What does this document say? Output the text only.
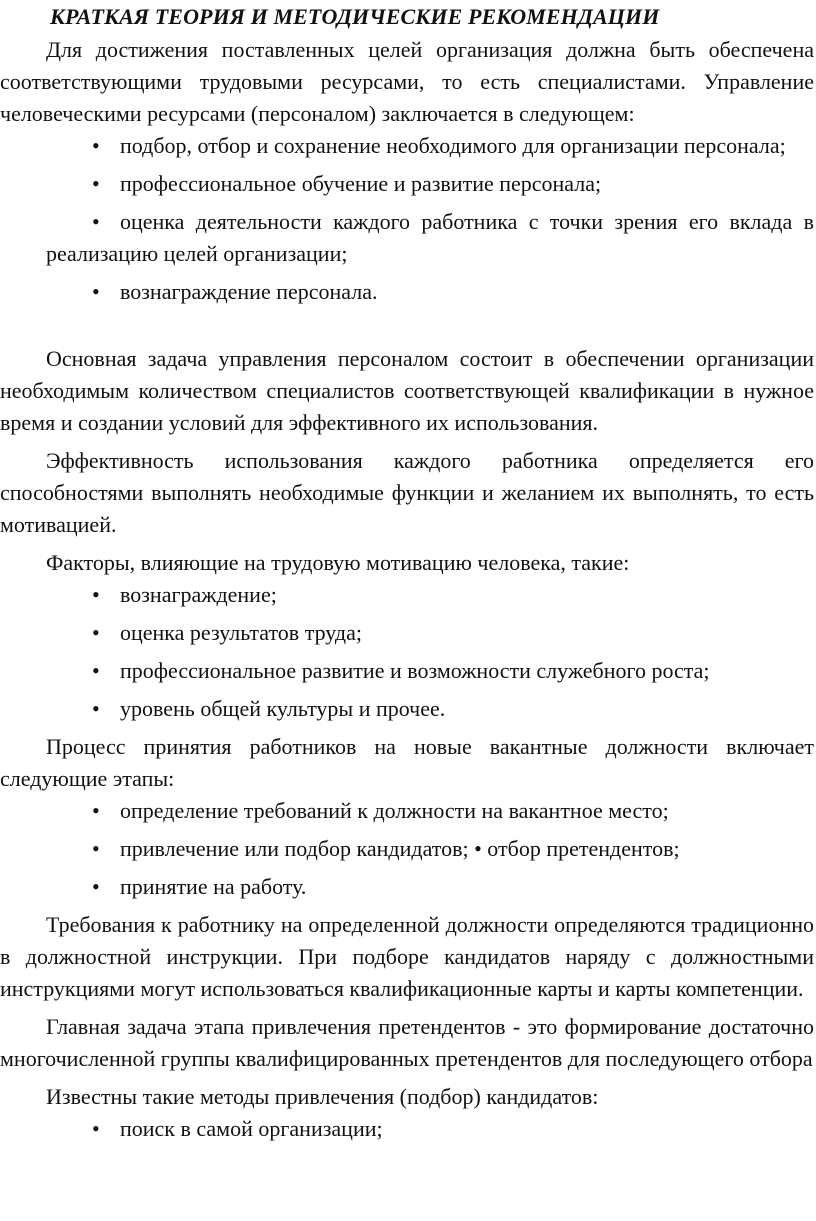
КРАТКАЯ ТЕОРИЯ И МЕТОДИЧЕСКИЕ РЕКОМЕНДАЦИИ

Для достижения поставленных целей организация должна быть обеспечена соответствующими трудовыми ресурсами, то есть специалистами. Управление человеческими ресурсами (персоналом) заключается в следующем:

• подбор, отбор и сохранение необходимого для организации персонала;
• профессиональное обучение и развитие персонала;
• оценка деятельности каждого работника с точки зрения его вклада в реализацию целей организации;
• вознаграждение персонала.

Основная задача управления персоналом состоит в обеспечении организации необходимым количеством специалистов соответствующей квалификации в нужное время и создании условий для эффективного их использования.

Эффективность использования каждого работника определяется его способностями выполнять необходимые функции и желанием их выполнять, то есть мотивацией.

Факторы, влияющие на трудовую мотивацию человека, такие:

• вознаграждение;
• оценка результатов труда;
• профессиональное развитие и возможности служебного роста;
• уровень общей культуры и прочее.

Процесс принятия работников на новые вакантные должности включает следующие этапы:

• определение требований к должности на вакантное место;
• привлечение или подбор кандидатов; • отбор претендентов;
• принятие на работу.

Требования к работнику на определенной должности определяются традиционно в должностной инструкции. При подборе кандидатов наряду с должностными инструкциями могут использоваться квалификационные карты и карты компетенции.

Главная задача этапа привлечения претендентов - это формирование достаточно многочисленной группы квалифицированных претендентов для последующего отбора

Известны такие методы привлечения (подбор) кандидатов:

• поиск в самой организации;
